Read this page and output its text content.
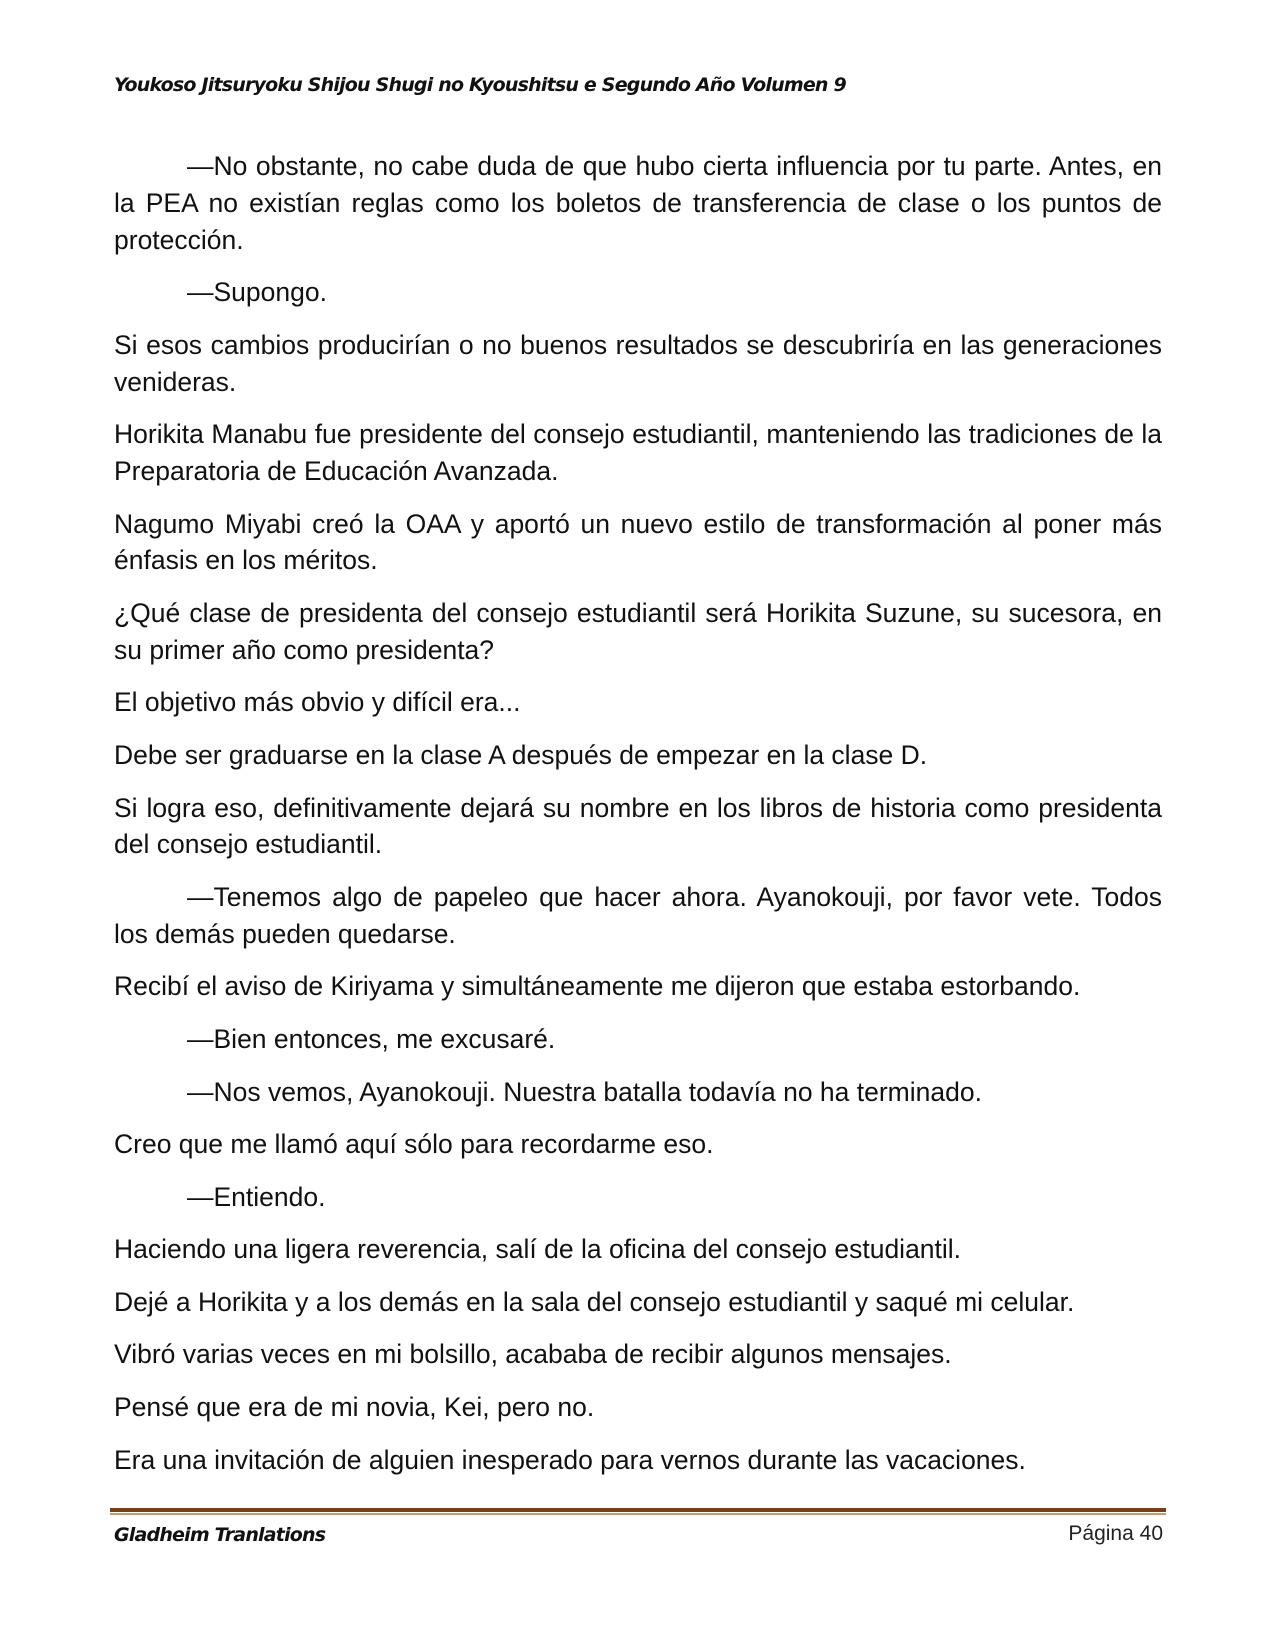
Youkoso Jitsuryoku Shijou Shugi no Kyoushitsu e Segundo Año Volumen 9

—No obstante, no cabe duda de que hubo cierta influencia por tu parte. Antes, en la PEA no existían reglas como los boletos de transferencia de clase o los puntos de protección.

—Supongo.

Si esos cambios producirían o no buenos resultados se descubriría en las generaciones venideras.

Horikita Manabu fue presidente del consejo estudiantil, manteniendo las tradiciones de la Preparatoria de Educación Avanzada.

Nagumo Miyabi creó la OAA y aportó un nuevo estilo de transformación al poner más énfasis en los méritos.

¿Qué clase de presidenta del consejo estudiantil será Horikita Suzune, su sucesora, en su primer año como presidenta?

El objetivo más obvio y difícil era...

Debe ser graduarse en la clase A después de empezar en la clase D.

Si logra eso, definitivamente dejará su nombre en los libros de historia como presidenta del consejo estudiantil.

—Tenemos algo de papeleo que hacer ahora. Ayanokouji, por favor vete. Todos los demás pueden quedarse.

Recibí el aviso de Kiriyama y simultáneamente me dijeron que estaba estorbando.

—Bien entonces, me excusaré.

—Nos vemos, Ayanokouji. Nuestra batalla todavía no ha terminado.

Creo que me llamó aquí sólo para recordarme eso.

—Entiendo.

Haciendo una ligera reverencia, salí de la oficina del consejo estudiantil.

Dejé a Horikita y a los demás en la sala del consejo estudiantil y saqué mi celular.

Vibró varias veces en mi bolsillo, acababa de recibir algunos mensajes.

Pensé que era de mi novia, Kei, pero no.

Era una invitación de alguien inesperado para vernos durante las vacaciones.

Gladheim Tranlations	Página 40
